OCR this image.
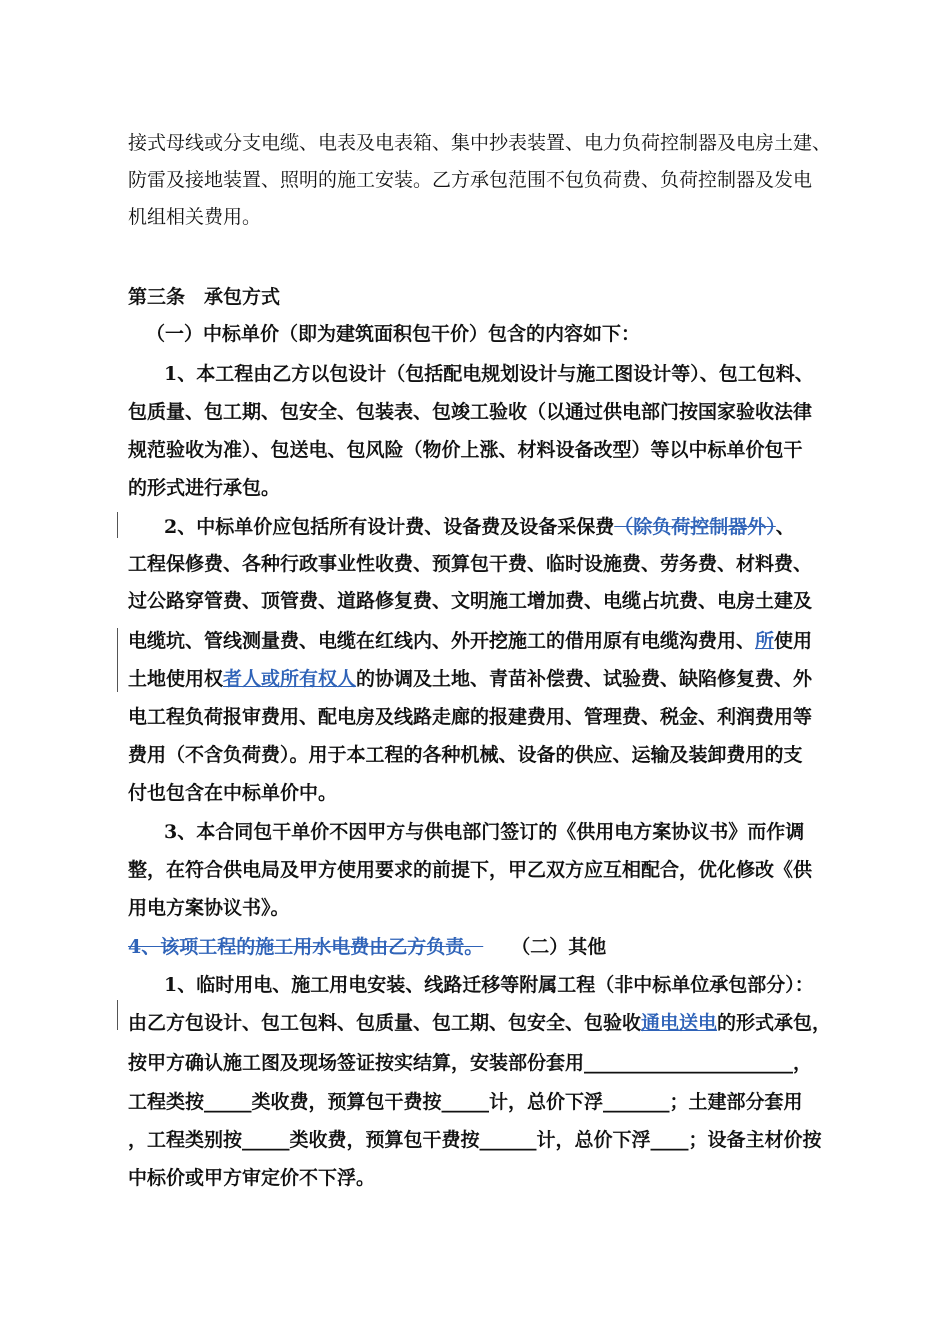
接式母线或分支电缆、电表及电表箱、集中抄表装置、电力负荷控制器及电房土建、
防雷及接地装置、照明的施工安装。乙方承包范围不包负荷费、负荷控制器及发电
机组相关费用。
第三条　承包方式
（一）中标单价（即为建筑面积包干价）包含的内容如下：
1、本工程由乙方以包设计（包括配电规划设计与施工图设计等）、包工包料、
包质量、包工期、包安全、包装表、包竣工验收（以通过供电部门按国家验收法律
规范验收为准）、包送电、包风险（物价上涨、材料设备改型）等以中标单价包干
的形式进行承包。
2、中标单价应包括所有设计费、设备费及设备采保费（除负荷控制器外）、
工程保修费、各种行政事业性收费、预算包干费、临时设施费、劳务费、材料费、
过公路穿管费、顶管费、道路修复费、文明施工增加费、电缆占坑费、电房土建及
电缆坑、管线测量费、电缆在红线内、外开挖施工的借用原有电缆沟费用、所使用
土地使用权者人或所有权人的协调及土地、青苗补偿费、试验费、缺陷修复费、外
电工程负荷报审费用、配电房及线路走廊的报建费用、管理费、税金、利润费用等
费用（不含负荷费）。用于本工程的各种机械、设备的供应、运输及装卸费用的支
付也包含在中标单价中。
3、本合同包干单价不因甲方与供电部门签订的《供用电方案协议书》而作调
整，在符合供电局及甲方使用要求的前提下，甲乙双方应互相配合，优化修改《供
用电方案协议书》。
4、该项工程的施工用水电费由乙方负责。 （二）其他
1、临时用电、施工用电安装、线路迁移等附属工程（非中标单位承包部分）：
由乙方包设计、包工包料、包质量、包工期、包安全、包验收通电送电的形式承包，
按甲方确认施工图及现场签证按实结算，安装部份套用______________________，
工程类按_____类收费，预算包干费按_____计，总价下浮_______；土建部分套用
，工程类别按_____类收费，预算包干费按______计，总价下浮____；设备主材价按
中标价或甲方审定价不下浮。
